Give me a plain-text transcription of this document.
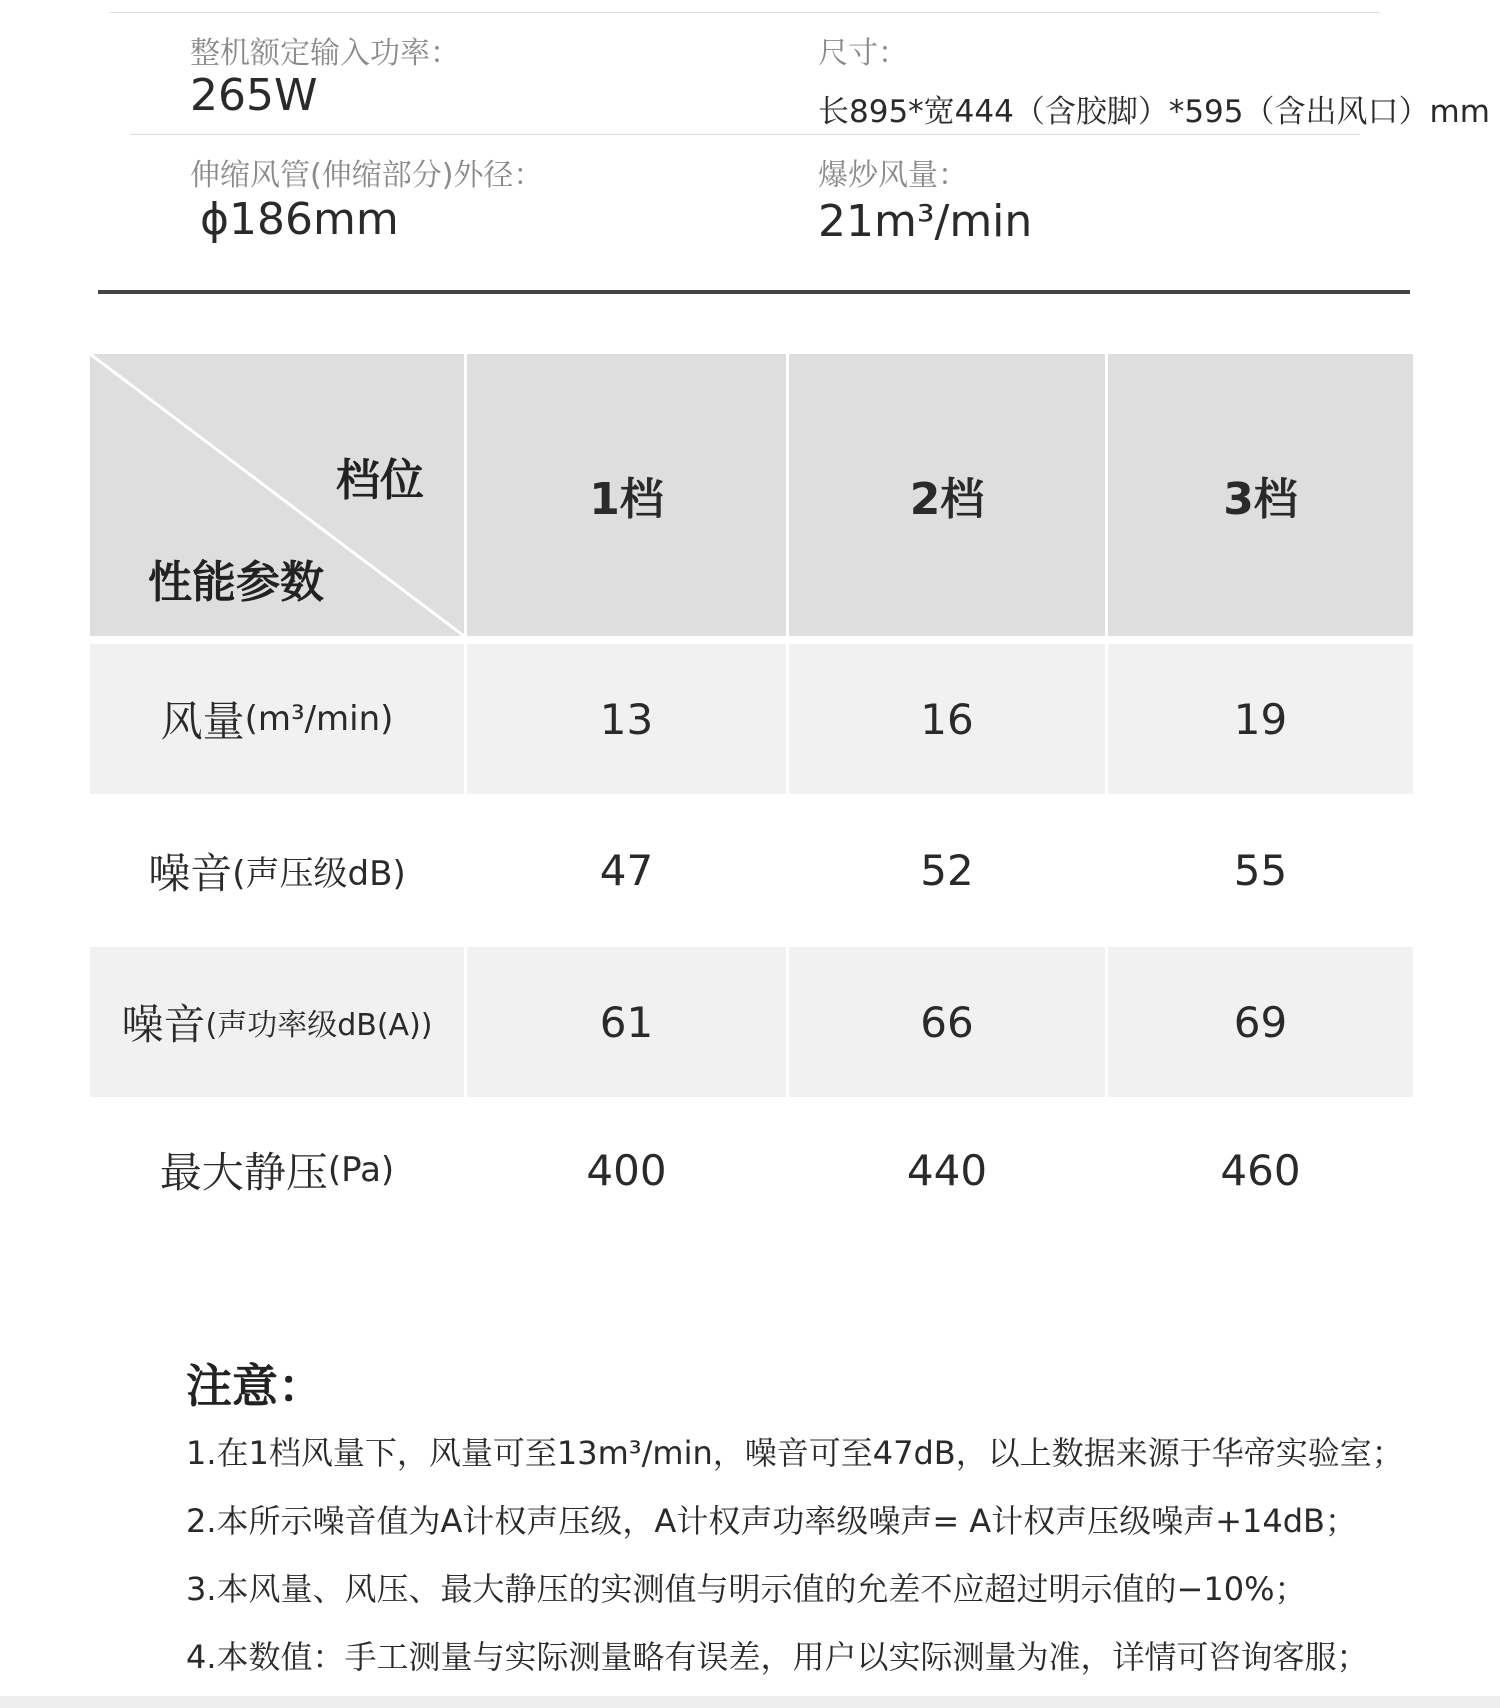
整机额定输入功率：
265W
尺寸：
长895*宽444（含胶脚）*595（含出风口）mm
伸缩风管(伸缩部分)外径：
ϕ186mm
爆炒风量：
21m³/min
档位
性能参数
1档	2档	3档
风量 (m³/min)	13	16	19
噪音 (声压级dB)	47	52	55
噪音 (声功率级dB(A))	61	66	69
最大静压 (Pa)	400	440	460
注意：
1.在1档风量下，风量可至13m³/min，噪音可至47dB，以上数据来源于华帝实验室；
2.本所示噪音值为A计权声压级，A计权声功率级噪声= A计权声压级噪声+14dB；
3.本风量、风压、最大静压的实测值与明示值的允差不应超过明示值的−10%；
4.本数值：手工测量与实际测量略有误差，用户以实际测量为准，详情可咨询客服；
